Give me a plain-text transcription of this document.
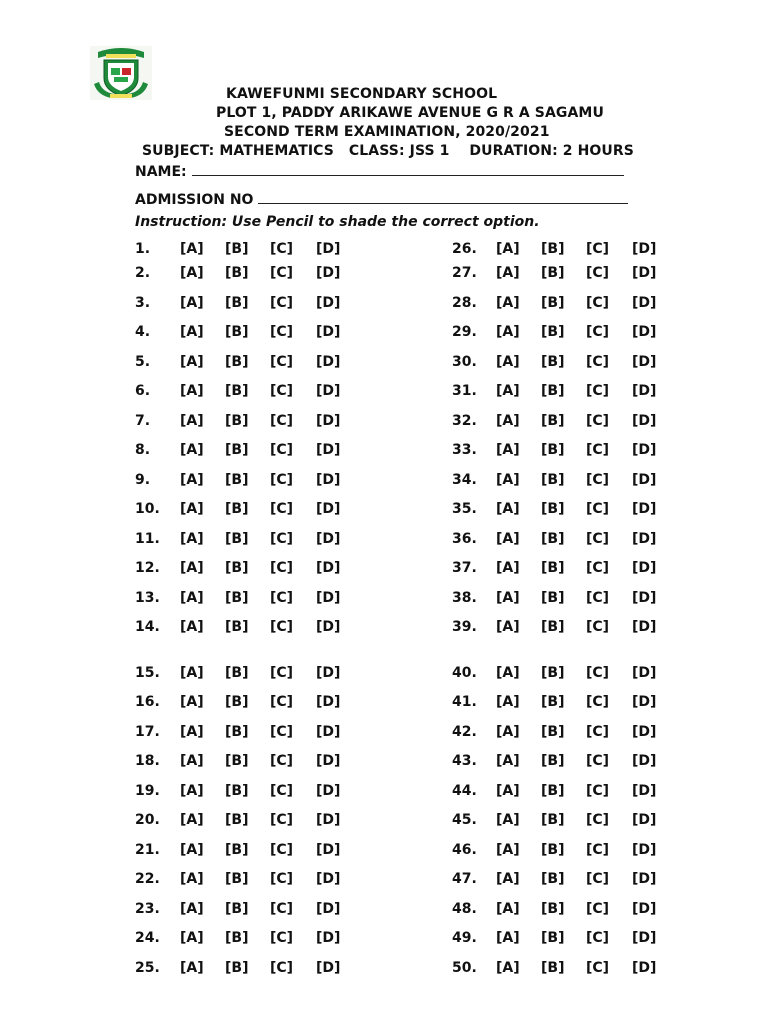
KAWEFUNMI SECONDARY SCHOOL
PLOT 1, PADDY ARIKAWE AVENUE G R A SAGAMU
SECOND TERM EXAMINATION, 2020/2021
SUBJECT: MATHEMATICS   CLASS: JSS 1    DURATION: 2 HOURS
NAME:
ADMISSION NO
Instruction: Use Pencil to shade the correct option.
1. [A] [B] [C] [D]
2. [A] [B] [C] [D]
3. [A] [B] [C] [D]
4. [A] [B] [C] [D]
5. [A] [B] [C] [D]
6. [A] [B] [C] [D]
7. [A] [B] [C] [D]
8. [A] [B] [C] [D]
9. [A] [B] [C] [D]
10. [A] [B] [C] [D]
11. [A] [B] [C] [D]
12. [A] [B] [C] [D]
13. [A] [B] [C] [D]
14. [A] [B] [C] [D]
15. [A] [B] [C] [D]
16. [A] [B] [C] [D]
17. [A] [B] [C] [D]
18. [A] [B] [C] [D]
19. [A] [B] [C] [D]
20. [A] [B] [C] [D]
21. [A] [B] [C] [D]
22. [A] [B] [C] [D]
23. [A] [B] [C] [D]
24. [A] [B] [C] [D]
25. [A] [B] [C] [D]
26. [A] [B] [C] [D]
27. [A] [B] [C] [D]
28. [A] [B] [C] [D]
29. [A] [B] [C] [D]
30. [A] [B] [C] [D]
31. [A] [B] [C] [D]
32. [A] [B] [C] [D]
33. [A] [B] [C] [D]
34. [A] [B] [C] [D]
35. [A] [B] [C] [D]
36. [A] [B] [C] [D]
37. [A] [B] [C] [D]
38. [A] [B] [C] [D]
39. [A] [B] [C] [D]
40. [A] [B] [C] [D]
41. [A] [B] [C] [D]
42. [A] [B] [C] [D]
43. [A] [B] [C] [D]
44. [A] [B] [C] [D]
45. [A] [B] [C] [D]
46. [A] [B] [C] [D]
47. [A] [B] [C] [D]
48. [A] [B] [C] [D]
49. [A] [B] [C] [D]
50. [A] [B] [C] [D]
